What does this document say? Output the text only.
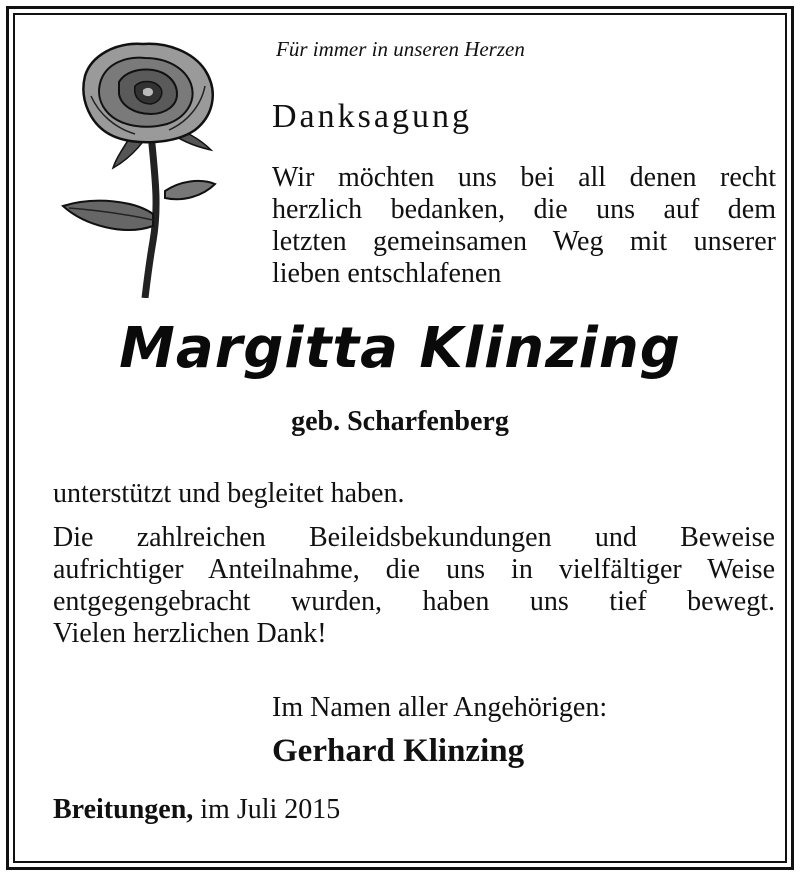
Für immer in unseren Herzen
Danksagung
Wir möchten uns bei all denen recht
herzlich bedanken, die uns auf dem
letzten gemeinsamen Weg mit unserer
lieben entschlafenen
Margitta Klinzing
geb. Scharfenberg
unterstützt und begleitet haben.
Die zahlreichen Beileidsbekundungen und Beweise
aufrichtiger Anteilnahme, die uns in vielfältiger Weise
entgegengebracht wurden, haben uns tief bewegt.
Vielen herzlichen Dank!
Im Namen aller Angehörigen:
Gerhard Klinzing
Breitungen, im Juli 2015
